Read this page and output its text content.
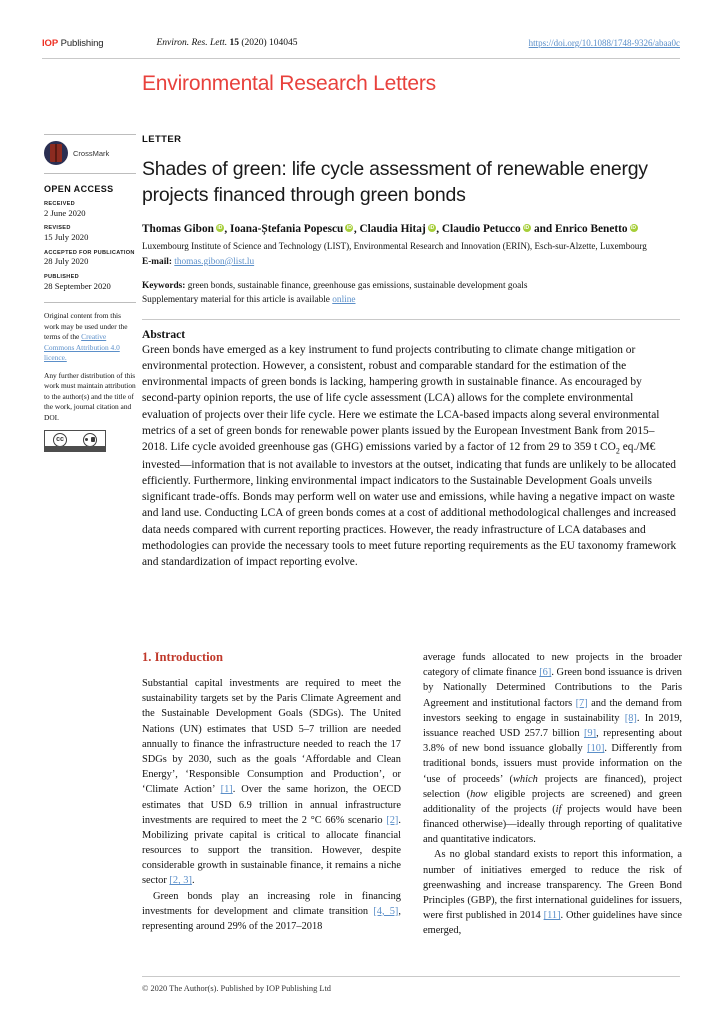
IOP Publishing	Environ. Res. Lett. 15 (2020) 104045	https://doi.org/10.1088/1748-9326/abaa0c
Environmental Research Letters
CrossMark
OPEN ACCESS
RECEIVED
2 June 2020
REVISED
15 July 2020
ACCEPTED FOR PUBLICATION
28 July 2020
PUBLISHED
28 September 2020

Original content from this work may be used under the terms of the Creative Commons Attribution 4.0 licence.

Any further distribution of this work must maintain attribution to the author(s) and the title of the work, journal citation and DOI.

cc
LETTER
Shades of green: life cycle assessment of renewable energy projects financed through green bonds
Thomas Gibon iD , Ioana-Ștefania Popescu iD , Claudia Hitaj iD , Claudio PetuccoiD and Enrico BenettoiD
Luxembourg Institute of Science and Technology (LIST), Environmental Research and Innovation (ERIN), Esch-sur-Alzette, Luxembourg
E-mail: thomas.gibon@list.lu
Keywords: green bonds, sustainable finance, greenhouse gas emissions, sustainable development goals
Supplementary material for this article is available online
Abstract
Green bonds have emerged as a key instrument to fund projects contributing to climate change mitigation or environmental protection. However, a consistent, robust and comparable standard for the estimation of the environmental impacts of green bonds is lacking, hampering growth in sustainable finance. As encouraged by second-party opinion reports, the use of life cycle assessment (LCA) allows for the complete environmental evaluation of projects over their life cycle. Here we estimate the LCA-based impacts along several environmental metrics of a set of green bonds for renewable power plants issued by the European Investment Bank from 2015–2018. Life cycle avoided greenhouse gas (GHG) emissions varied by a factor of 12 from 29 to 359 t $CO_2$ eq./M€ invested—information that is not available to investors at the outset, indicating that funds are unlikely to be allocated efficiently. Furthermore, linking environmental impact indicators to the Sustainable Development Goals unveils significant trade-offs. Bonds may perform well on water use and emissions, while having a negative impact on waste and land use. Conducting LCA of green bonds comes at a cost of additional methodological challenges and increased data needs compared with current reporting practices. However, the ready infrastructure of LCA databases and methodologies can provide the necessary tools to meet future reporting requirements as the EU taxonomy framework and standardization of impact reporting evolve.
1. Introduction

Substantial capital investments are required to meet the sustainability targets set by the Paris Climate Agreement and the Sustainable Development Goals (SDGs). The United Nations (UN) estimates that USD 5–7 trillion are needed annually to finance the infrastructure needed to reach the 17 SDGs by 2030, such as the goals ‘Affordable and Clean Energy’, ‘Responsible Consumption and Production’, or ‘Climate Action’ [1]. Over the same horizon, the OECD estimates that USD 6.9 trillion in annual infrastructure investments are required to meet the 2 °C 66% scenario [2]. Mobilizing private capital is critical to allocate financial resources to support the transition. However, despite considerable growth in sustainable finance, it remains a niche sector [2, 3].

Green bonds play an increasing role in financing investments for development and climate transition [4, 5], representing around 29% of the 2017–2018

average funds allocated to new projects in the broader category of climate finance [6]. Green bond issuance is driven by Nationally Determined Contributions to the Paris Agreement and institutional factors [7] and the demand from investors seeking to engage in sustainability [8]. In 2019, issuance reached USD 257.7 billion [9], representing about 3.8% of new bond issuance globally [10]. Differently from traditional bonds, issuers must provide information on the ‘use of proceeds’ (which projects are financed), project selection (how eligible projects are screened) and green additionality of the projects (if projects would have been financed otherwise)—ideally through reporting of qualitative and quantitative indicators.

As no global standard exists to report this information, a number of initiatives emerged to reduce the risk of greenwashing and increase transparency. The Green Bond Principles (GBP), the first international guidelines for issuers, were first published in 2014 [11]. Other guidelines have since emerged,

© 2020 The Author(s). Published by IOP Publishing Ltd
